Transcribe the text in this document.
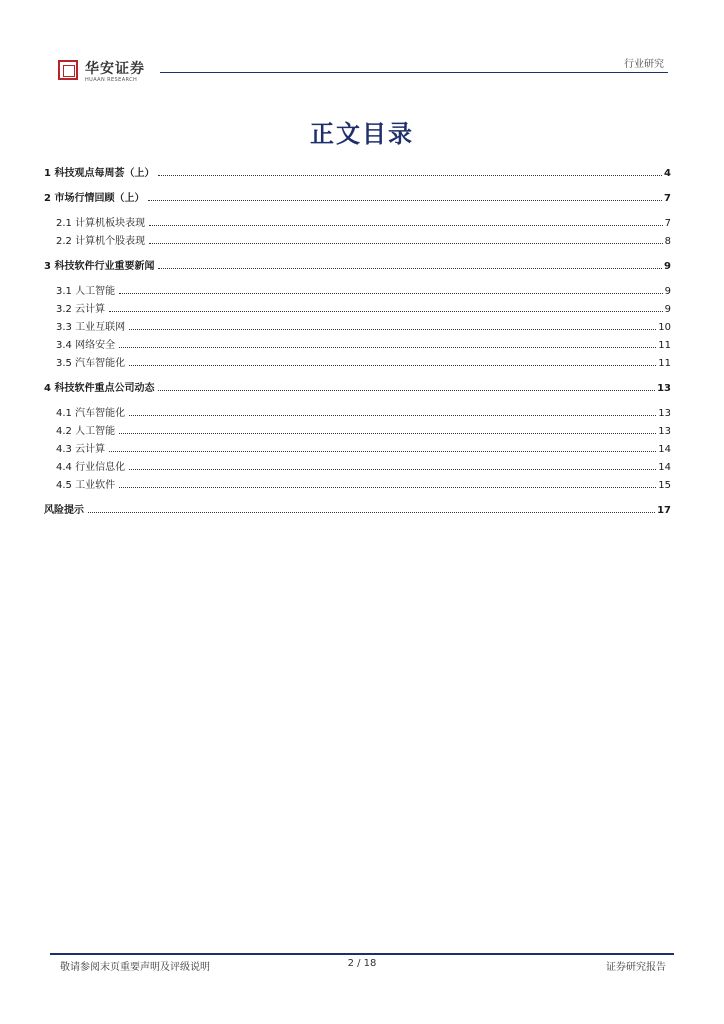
华安证券
HUAAN RESEARCH
行业研究
正文目录
1 科技观点每周荟（上）	4
2 市场行情回顾（上）	7
2.1 计算机板块表现	7
2.2 计算机个股表现	8
3 科技软件行业重要新闻	9
3.1 人工智能	9
3.2 云计算	9
3.3 工业互联网	10
3.4 网络安全	11
3.5 汽车智能化	11
4 科技软件重点公司动态	13
4.1 汽车智能化	13
4.2 人工智能	13
4.3 云计算	14
4.4 行业信息化	14
4.5 工业软件	15
风险提示	17
敬请参阅末页重要声明及评级说明	2 / 18	证券研究报告
